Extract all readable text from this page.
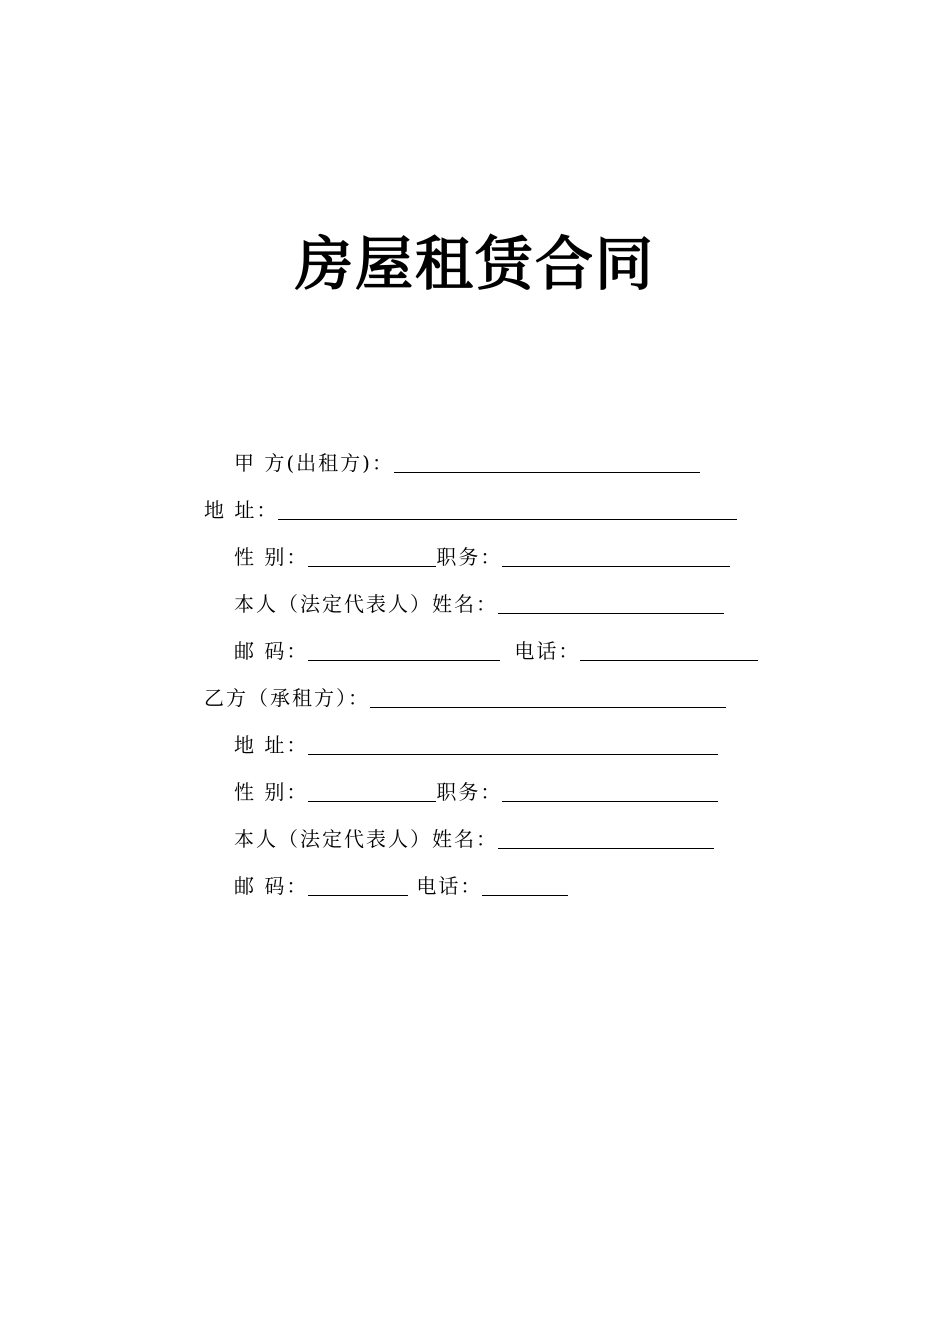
房屋租赁合同
甲 方(出租方)：
地 址：
性 别：	职务：
本人（法定代表人）姓名：
邮 码：	电话：
乙方（承租方）：
地 址：
性 别：	职务：
本人（法定代表人）姓名：
邮 码：	电话：
